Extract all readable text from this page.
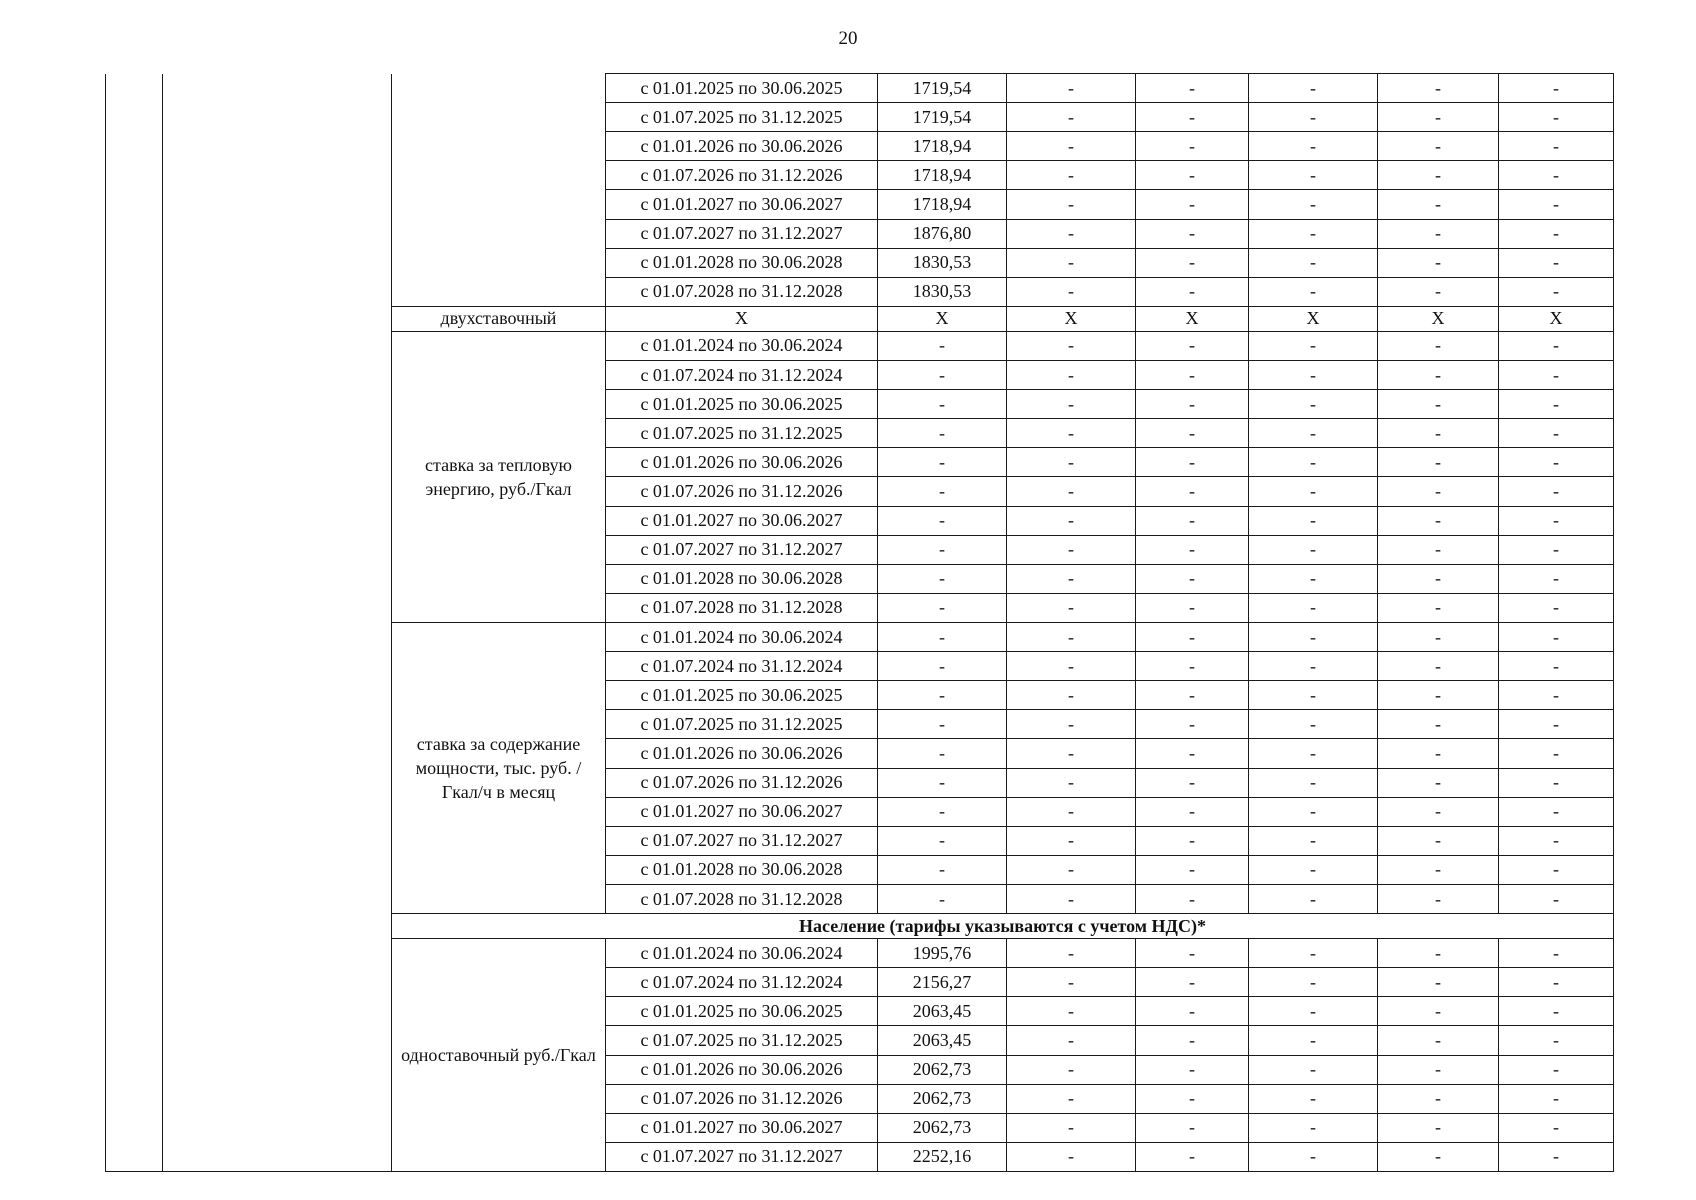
20
			с 01.01.2025 по 30.06.2025	1719,54	-	-	-	-	-
			с 01.07.2025 по 31.12.2025	1719,54	-	-	-	-	-
			с 01.01.2026 по 30.06.2026	1718,94	-	-	-	-	-
			с 01.07.2026 по 31.12.2026	1718,94	-	-	-	-	-
			с 01.01.2027 по 30.06.2027	1718,94	-	-	-	-	-
			с 01.07.2027 по 31.12.2027	1876,80	-	-	-	-	-
			с 01.01.2028 по 30.06.2028	1830,53	-	-	-	-	-
			с 01.07.2028 по 31.12.2028	1830,53	-	-	-	-	-
		двухставочный	X	X	X	X	X	X	X
		ставка за тепловую энергию, руб./Гкал	с 01.01.2024 по 30.06.2024	-	-	-	-	-	-
			с 01.07.2024 по 31.12.2024	-	-	-	-	-	-
			с 01.01.2025 по 30.06.2025	-	-	-	-	-	-
			с 01.07.2025 по 31.12.2025	-	-	-	-	-	-
			с 01.01.2026 по 30.06.2026	-	-	-	-	-	-
			с 01.07.2026 по 31.12.2026	-	-	-	-	-	-
			с 01.01.2027 по 30.06.2027	-	-	-	-	-	-
			с 01.07.2027 по 31.12.2027	-	-	-	-	-	-
			с 01.01.2028 по 30.06.2028	-	-	-	-	-	-
			с 01.07.2028 по 31.12.2028	-	-	-	-	-	-
		ставка за содержание мощности, тыс. руб. /Гкал/ч в месяц	с 01.01.2024 по 30.06.2024	-	-	-	-	-	-
			с 01.07.2024 по 31.12.2024	-	-	-	-	-	-
			с 01.01.2025 по 30.06.2025	-	-	-	-	-	-
			с 01.07.2025 по 31.12.2025	-	-	-	-	-	-
			с 01.01.2026 по 30.06.2026	-	-	-	-	-	-
			с 01.07.2026 по 31.12.2026	-	-	-	-	-	-
			с 01.01.2027 по 30.06.2027	-	-	-	-	-	-
			с 01.07.2027 по 31.12.2027	-	-	-	-	-	-
			с 01.01.2028 по 30.06.2028	-	-	-	-	-	-
			с 01.07.2028 по 31.12.2028	-	-	-	-	-	-
		Население (тарифы указываются с учетом НДС)*							
		одноставочный руб./Гкал	с 01.01.2024 по 30.06.2024	1995,76	-	-	-	-	-
			с 01.07.2024 по 31.12.2024	2156,27	-	-	-	-	-
			с 01.01.2025 по 30.06.2025	2063,45	-	-	-	-	-
			с 01.07.2025 по 31.12.2025	2063,45	-	-	-	-	-
			с 01.01.2026 по 30.06.2026	2062,73	-	-	-	-	-
			с 01.07.2026 по 31.12.2026	2062,73	-	-	-	-	-
			с 01.01.2027 по 30.06.2027	2062,73	-	-	-	-	-
			с 01.07.2027 по 31.12.2027	2252,16	-	-	-	-	-
